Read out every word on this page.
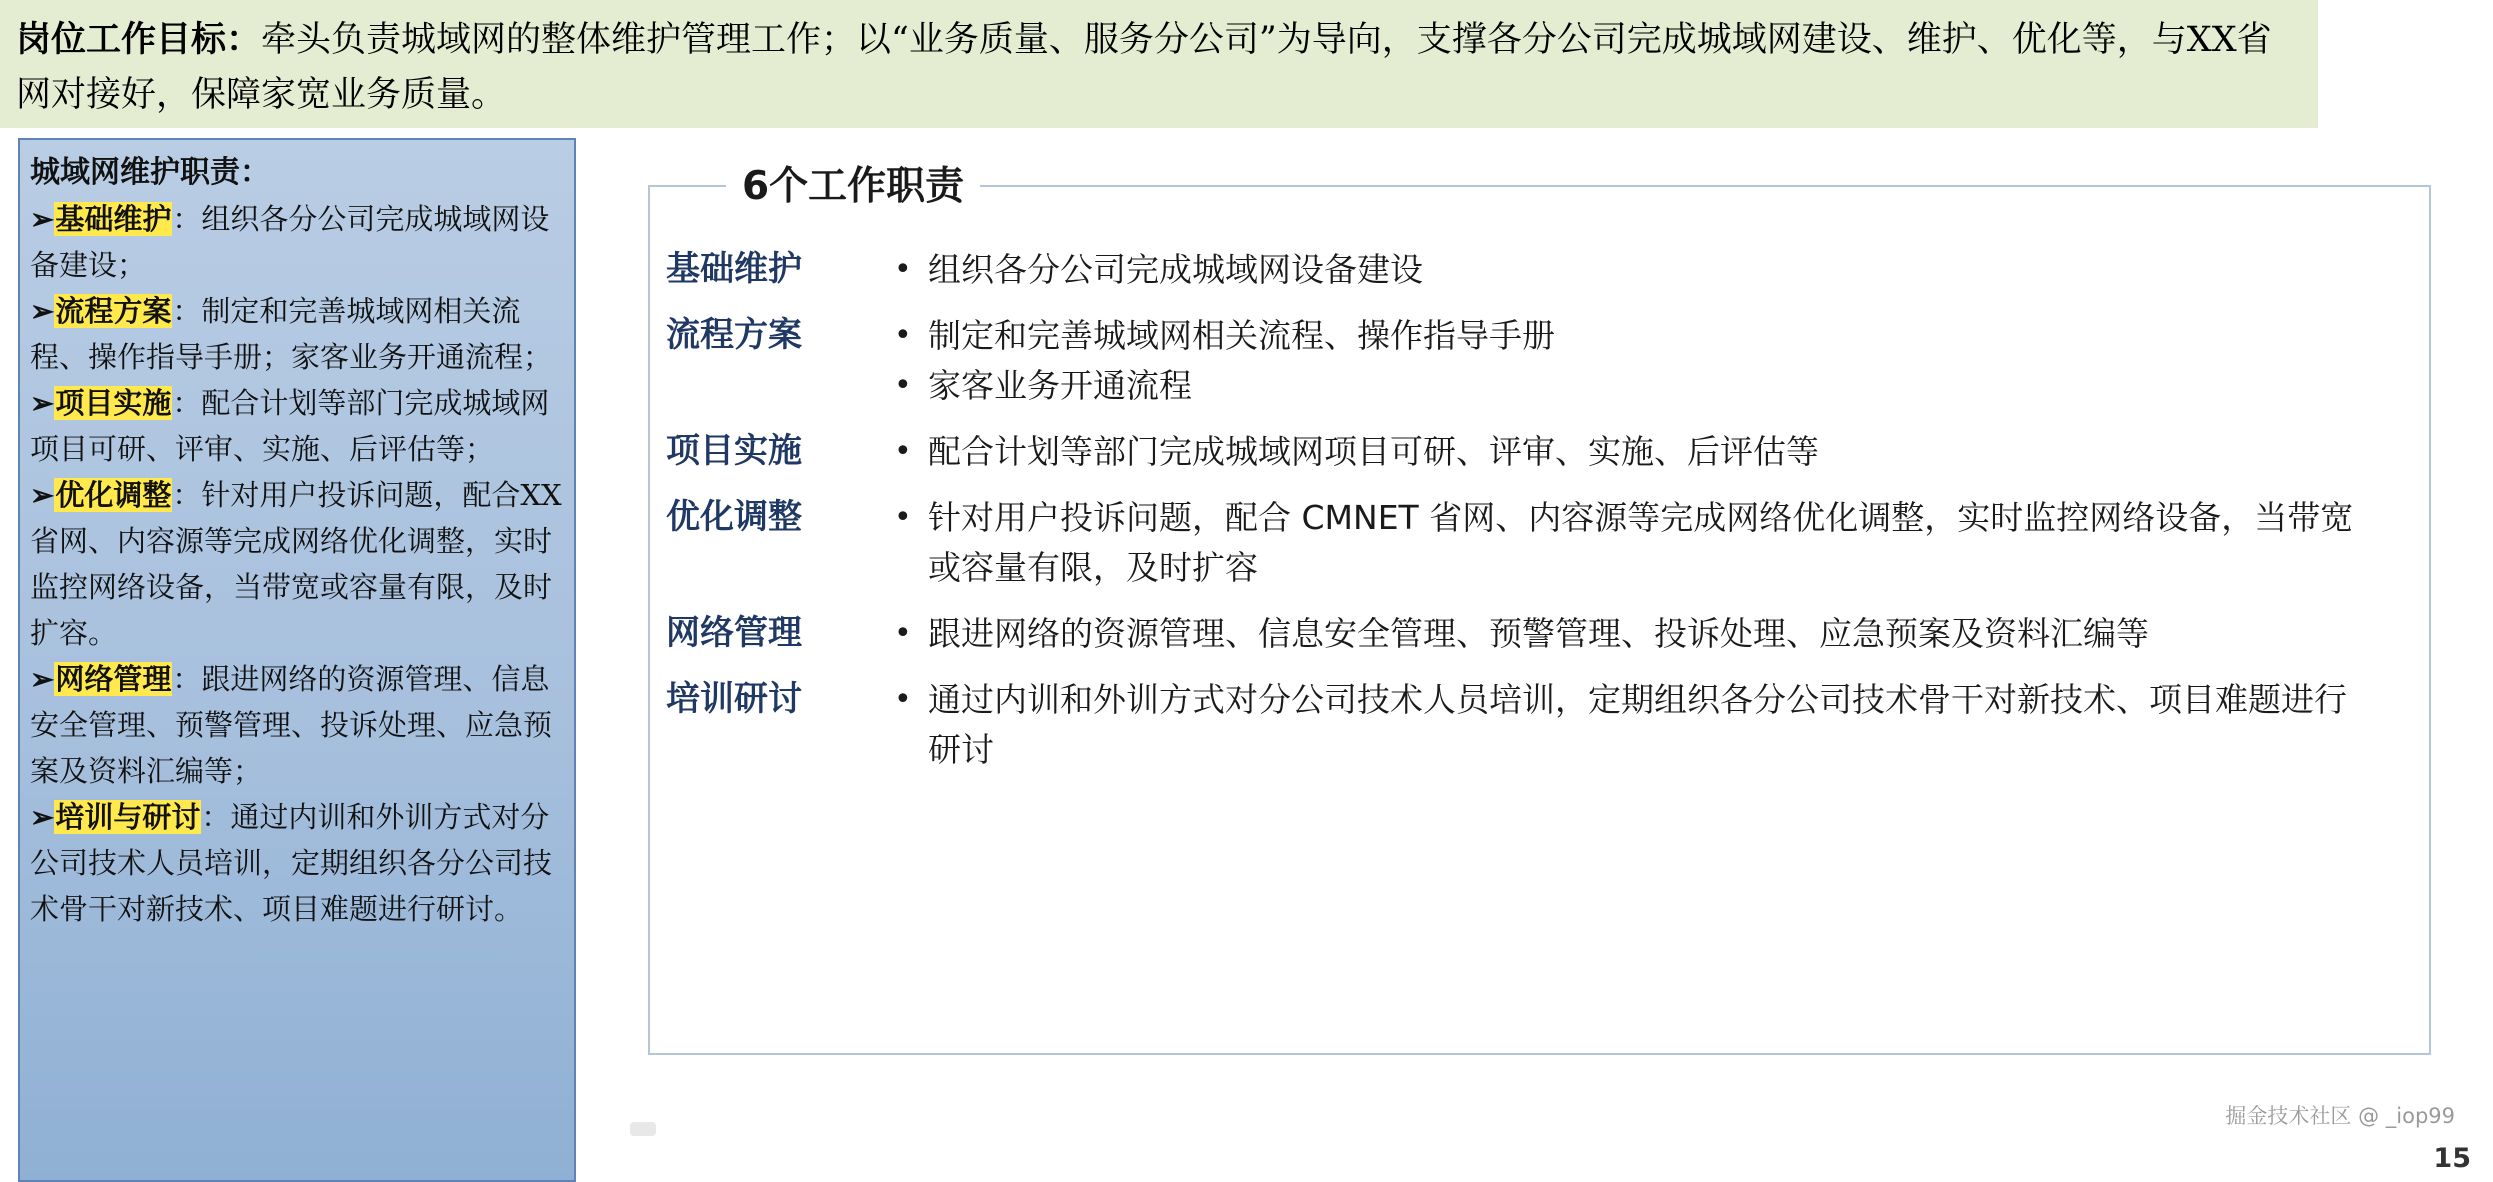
岗位工作目标：牵头负责城域网的整体维护管理工作；以“业务质量、服务分公司”为导向，支撑各分公司完成城域网建设、维护、优化等，与XX省网对接好，保障家宽业务质量。
城域网维护职责：
➢基础维护：组织各分公司完成城域网设备建设；
➢流程方案：制定和完善城域网相关流程、操作指导手册；家客业务开通流程；
➢项目实施：配合计划等部门完成城域网项目可研、评审、实施、后评估等；
➢优化调整：针对用户投诉问题，配合XX省网、内容源等完成网络优化调整，实时监控网络设备，当带宽或容量有限，及时扩容。
➢网络管理：跟进网络的资源管理、信息安全管理、预警管理、投诉处理、应急预案及资料汇编等；
➢培训与研讨：通过内训和外训方式对分公司技术人员培训，定期组织各分公司技术骨干对新技术、项目难题进行研讨。
6个工作职责
基础维护	• 组织各分公司完成城域网设备建设
流程方案	• 制定和完善城域网相关流程、操作指导手册
• 家客业务开通流程
项目实施	• 配合计划等部门完成城域网项目可研、评审、实施、后评估等
优化调整	• 针对用户投诉问题，配合 CMNET 省网、内容源等完成网络优化调整，实时监控网络设备，当带宽或容量有限，及时扩容
网络管理	• 跟进网络的资源管理、信息安全管理、预警管理、投诉处理、应急预案及资料汇编等
培训研讨	• 通过内训和外训方式对分公司技术人员培训，定期组织各分公司技术骨干对新技术、项目难题进行研讨
掘金技术社区 @ _iop99
15
